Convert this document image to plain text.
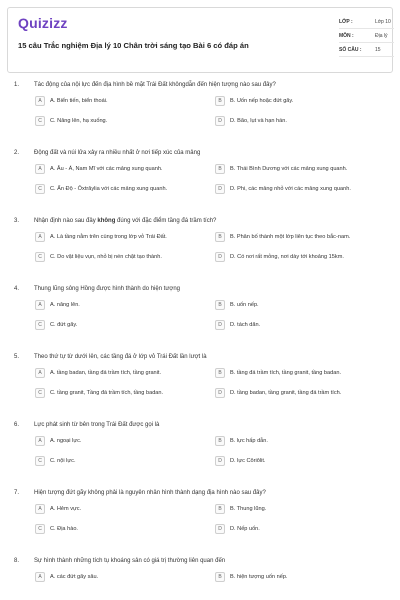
Quizizz
15 câu Trắc nghiệm Địa lý 10 Chân trời sáng tạo Bài 6 có đáp án
LỚP :	Lớp 10
MÔN :	Địa lý
SỐ CÂU :	15
1. Tác động của nội lực đến địa hình bề mặt Trái Đất khôngdẫn đến hiện tượng nào sau đây?
A	A. Biển tiến, biển thoái.	B	B. Uốn nếp hoặc đứt gãy.
C	C. Nâng lên, hạ xuống.	D	D. Bão, lụt và hạn hán.
2. Động đất và núi lửa xảy ra nhiều nhất ở nơi tiếp xúc của mảng
A	A. Âu - Á, Nam Mĩ với các mảng xung quanh.	B	B. Thái Bình Dương với các mảng xung quanh.
C	C. Ấn Độ - Ôxtrâylia với các mảng xung quanh.	D	D. Phi, các mảng nhỏ với các mảng xung quanh.
3. Nhận định nào sau đây không đúng với đặc điểm tầng đá trầm tích?
A	A. Là tầng nằm trên cùng trong lớp vỏ Trái Đất.	B	B. Phân bố thành một lớp liên tục theo bắc-nam.
C	C. Do vật liệu vụn, nhỏ bị nén chặt tạo thành.	D	D. Có nơi rất mỏng, nơi dày tới khoảng 15km.
4. Thung lũng sông Hồng được hình thành do hiện tượng
A	A. nâng lên.	B	B. uốn nếp.
C	C. đứt gãy.	D	D. tách dãn.
5. Theo thứ tự từ dưới lên, các tầng đá ở lớp vỏ Trái Đất lần lượt là
A	A. tầng badan, tầng đá trầm tích, tầng granit.	B	B. tầng đá trầm tích, tầng granit, tầng badan.
C	C. tầng granit, Tầng đá trầm tích, tầng badan.	D	D. tầng badan, tầng granit, tầng đá trầm tích.
6. Lực phát sinh từ bên trong Trái Đất được gọi là
A	A. ngoại lực.	B	B. lực hấp dẫn.
C	C. nội lực.	D	D. lực Côriôlit.
7. Hiện tượng đứt gãy không phải là nguyên nhân hình thành dạng địa hình nào sau đây?
A	A. Hẻm vực.	B	B. Thung lũng.
C	C. Địa hào.	D	D. Nếp uốn.
8. Sự hình thành những tích tụ khoáng sản có giá trị thường liên quan đến
A	A. các đứt gãy sâu.	B	B. hiện tượng uốn nếp.
